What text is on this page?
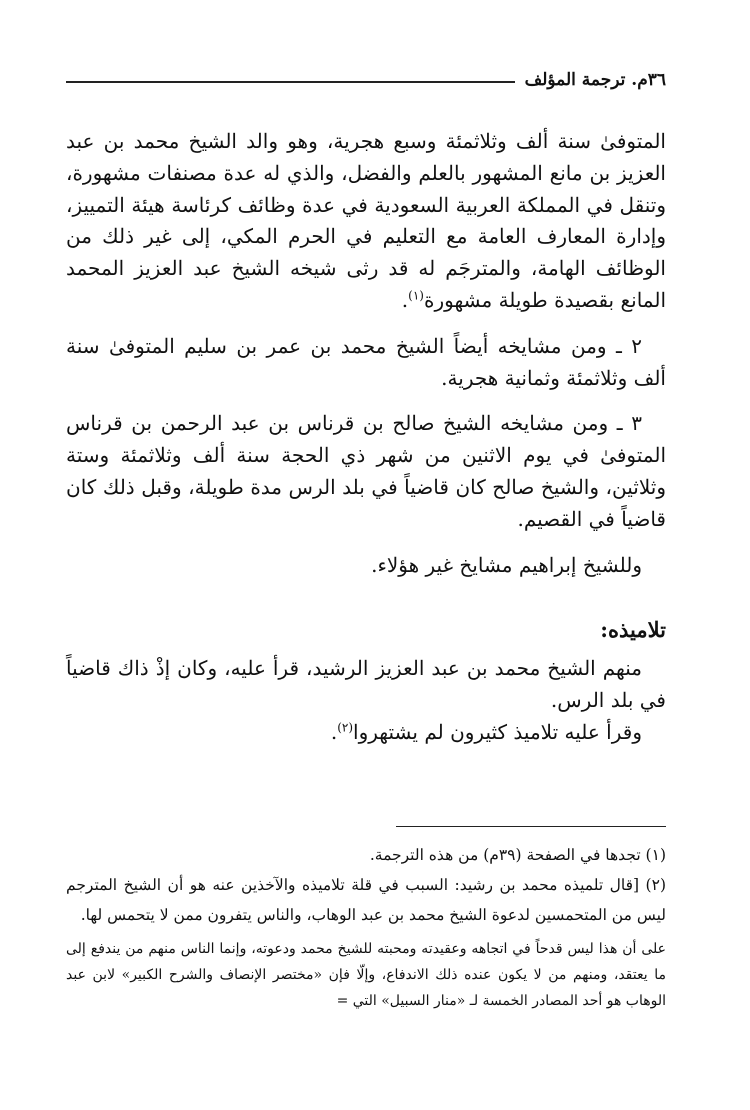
٣٦م. ترجمة المؤلف

المتوفىٰ سنة ألف وثلاثمئة وسبع هجرية، وهو والد الشيخ محمد بن عبد العزيز بن مانع المشهور بالعلم والفضل، والذي له عدة مصنفات مشهورة، وتنقل في المملكة العربية السعودية في عدة وظائف كرئاسة هيئة التمييز، وإدارة المعارف العامة مع التعليم في الحرم المكي، إلى غير ذلك من الوظائف الهامة، والمترجَم له قد رثى شيخه الشيخ عبد العزيز المحمد المانع بقصيدة طويلة مشهورة$^{(١)}$.

٢ ـ ومن مشايخه أيضاً الشيخ محمد بن عمر بن سليم المتوفىٰ سنة ألف وثلاثمئة وثمانية هجرية.

٣ ـ ومن مشايخه الشيخ صالح بن قرناس بن عبد الرحمن بن قرناس المتوفىٰ في يوم الاثنين من شهر ذي الحجة سنة ألف وثلاثمئة وستة وثلاثين، والشيخ صالح كان قاضياً في بلد الرس مدة طويلة، وقبل ذلك كان قاضياً في القصيم.

وللشيخ إبراهيم مشايخ غير هؤلاء.

تلاميذه:

منهم الشيخ محمد بن عبد العزيز الرشيد، قرأ عليه، وكان إذْ ذاك قاضياً في بلد الرس.

وقرأ عليه تلاميذ كثيرون لم يشتهروا$^{(٢)}$.

(١) تجدها في الصفحة (٣٩م) من هذه الترجمة.

(٢) [قال تلميذه محمد بن رشيد: السبب في قلة تلاميذه والآخذين عنه هو أن الشيخ المترجم ليس من المتحمسين لدعوة الشيخ محمد بن عبد الوهاب، والناس يتفرون ممن لا يتحمس لها.

على أن هذا ليس قدحاً في اتجاهه وعقيدته ومحبته للشيخ محمد ودعوته، وإنما الناس منهم من يندفع إلى ما يعتقد، ومنهم من لا يكون عنده ذلك الاندفاع، وإلّا فإن «مختصر الإنصاف والشرح الكبير» لابن عبد الوهاب هو أحد المصادر الخمسة لـ «منار السبيل» التي =
